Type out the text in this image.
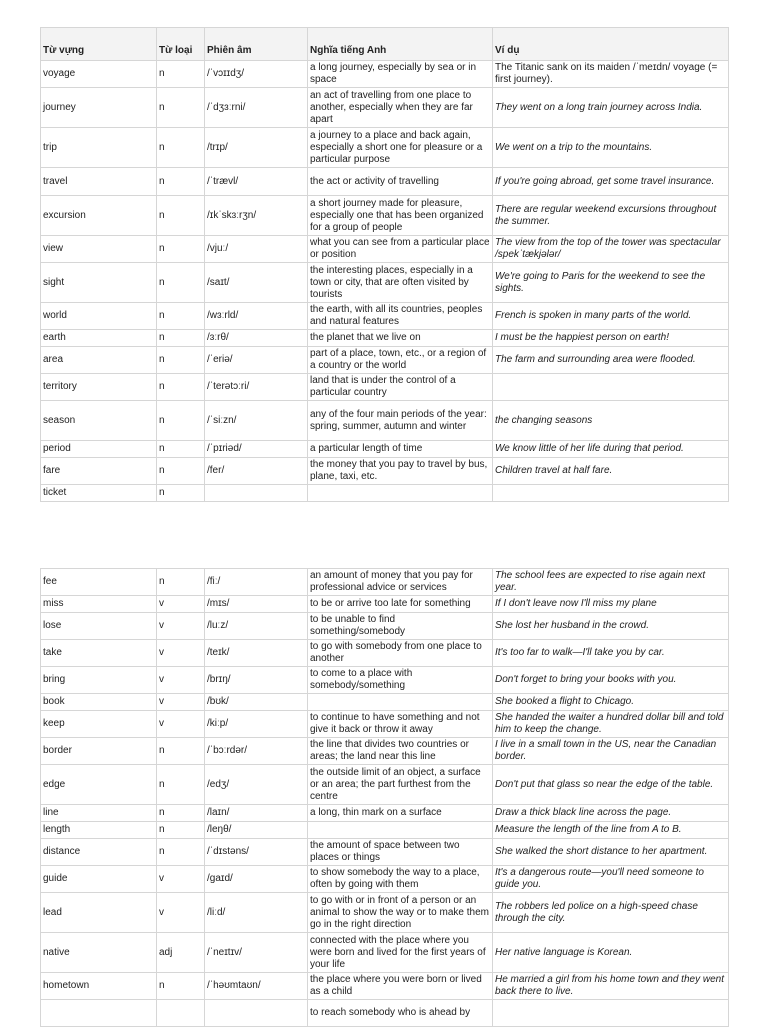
Từ vựng	Từ loại	Phiên âm	Nghĩa tiếng Anh	Ví dụ
voyage	n	/ˈvɔɪɪdʒ/	a long journey, especially by sea or in space	The Titanic sank on its maiden /ˈmeɪdn/ voyage (= first journey).
journey	n	/ˈdʒɜːrni/	an act of travelling from one place to another, especially when they are far apart	They went on a long train journey across India.
trip	n	/trɪp/	a journey to a place and back again, especially a short one for pleasure or a particular purpose	We went on a trip to the mountains.
travel	n	/ˈtrævl/	the act or activity of travelling	If you're going abroad, get some travel insurance.
excursion	n	/ɪkˈskɜːrʒn/	a short journey made for pleasure, especially one that has been organized for a group of people	There are regular weekend excursions throughout the summer.
view	n	/vjuː/	what you can see from a particular place or position	The view from the top of the tower was spectacular /spekˈtækjələr/
sight	n	/saɪt/	the interesting places, especially in a town or city, that are often visited by tourists	We're going to Paris for the weekend to see the sights.
world	n	/wɜːrld/	the earth, with all its countries, peoples and natural features	French is spoken in many parts of the world.
earth	n	/ɜːrθ/	the planet that we live on	I must be the happiest person on earth!
area	n	/ˈeriə/	part of a place, town, etc., or a region of a country or the world	The farm and surrounding area were flooded.
territory	n	/ˈterətɔːri/	land that is under the control of a particular country	
season	n	/ˈsiːzn/	any of the four main periods of the year: spring, summer, autumn and winter	the changing seasons
period	n	/ˈpɪriəd/	a particular length of time	We know little of her life during that period.
fare	n	/fer/	the money that you pay to travel by bus, plane, taxi, etc.	Children travel at half fare.
ticket	n			
fee	n	/fiː/	an amount of money that you pay for professional advice or services	The school fees are expected to rise again next year.
miss	v	/mɪs/	to be or arrive too late for something	If I don't leave now I'll miss my plane
lose	v	/luːz/	to be unable to find something/somebody	She lost her husband in the crowd.
take	v	/teɪk/	to go with somebody from one place to another	It's too far to walk—I'll take you by car.
bring	v	/brɪŋ/	to come to a place with somebody/something	Don't forget to bring your books with you.
book	v	/bʊk/		She booked a flight to Chicago.
keep	v	/kiːp/	to continue to have something and not give it back or throw it away	She handed the waiter a hundred dollar bill and told him to keep the change.
border	n	/ˈbɔːrdər/	the line that divides two countries or areas; the land near this line	I live in a small town in the US, near the Canadian border.
edge	n	/edʒ/	the outside limit of an object, a surface or an area; the part furthest from the centre	Don't put that glass so near the edge of the table.
line	n	/laɪn/	a long, thin mark on a surface	Draw a thick black line across the page.
length	n	/leŋθ/		Measure the length of the line from A to B.
distance	n	/ˈdɪstəns/	the amount of space between two places or things	She walked the short distance to her apartment.
guide	v	/ɡaɪd/	to show somebody the way to a place, often by going with them	It's a dangerous route—you'll need someone to guide you.
lead	v	/liːd/	to go with or in front of a person or an animal to show the way or to make them go in the right direction	The robbers led police on a high-speed chase through the city.
native	adj	/ˈneɪtɪv/	connected with the place where you were born and lived for the first years of your life	Her native language is Korean.
hometown	n	/ˈhəʊmtaʊn/	the place where you were born or lived as a child	He married a girl from his home town and they went back there to live.
			to reach somebody who is ahead by	
